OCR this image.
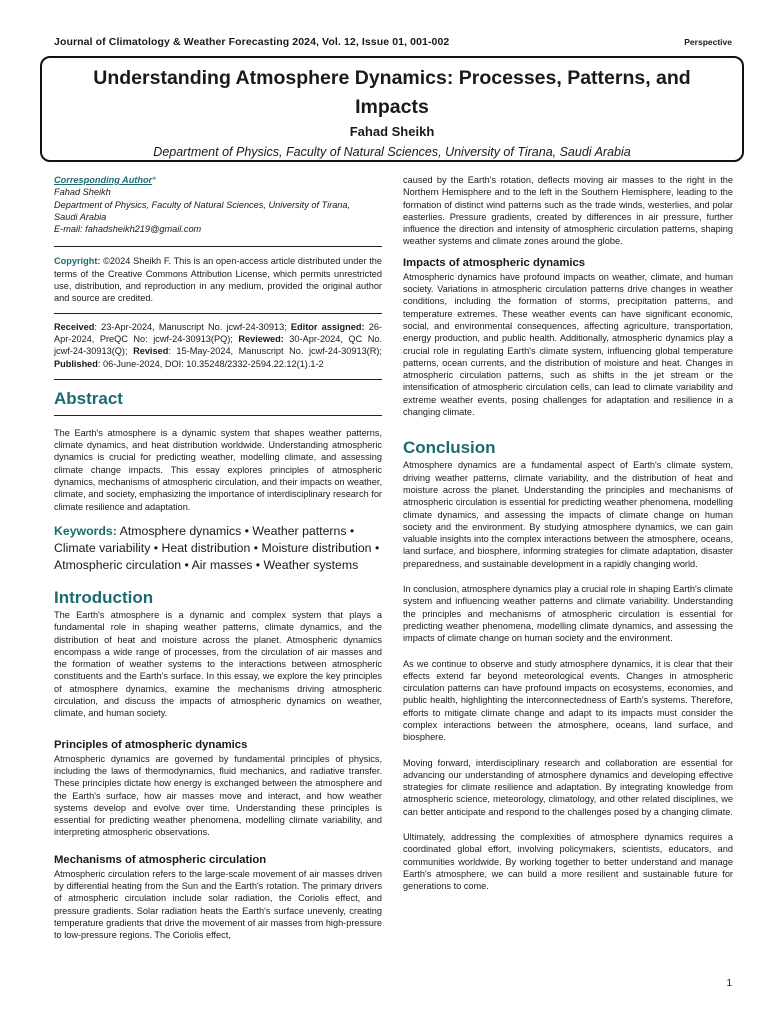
Journal of Climatology & Weather Forecasting 2024, Vol. 12, Issue 01, 001-002	Perspective
Understanding Atmosphere Dynamics: Processes, Patterns, and Impacts
Fahad Sheikh
Department of Physics, Faculty of Natural Sciences, University of Tirana, Saudi Arabia

Corresponding Author*

Fahad Sheikh

Department of Physics, Faculty of Natural Sciences, University of Tirana,

Saudi Arabia

E-mail: fahadsheikh219@gmail.com

Copyright: ©2024 Sheikh F. This is an open-access article distributed under the terms of the Creative Commons Attribution License, which permits unrestricted use, distribution, and reproduction in any medium, provided the original author and source are credited.

Received: 23-Apr-2024, Manuscript No. jcwf-24-30913; Editor assigned: 26-Apr-2024, PreQC No: jcwf-24-30913(PQ); Reviewed: 30-Apr-2024, QC No. jcwf-24-30913(Q); Revised: 15-May-2024, Manuscript No. jcwf-24-30913(R); Published: 06-June-2024, DOI: 10.35248/2332-2594.22.12(1).1-2

Abstract

The Earth's atmosphere is a dynamic system that shapes weather patterns, climate dynamics, and heat distribution worldwide. Understanding atmospheric dynamics is crucial for predicting weather, modelling climate, and assessing climate change impacts. This essay explores principles of atmospheric dynamics, mechanisms of atmospheric circulation, and their impacts on weather, climate, and society, emphasizing the importance of interdisciplinary research for climate resilience and adaptation.

Keywords: Atmosphere dynamics • Weather patterns • Climate variability • Heat distribution • Moisture distribution • Atmospheric circulation • Air masses • Weather systems

Introduction

The Earth's atmosphere is a dynamic and complex system that plays a fundamental role in shaping weather patterns, climate dynamics, and the distribution of heat and moisture across the planet. Atmospheric dynamics encompass a wide range of processes, from the circulation of air masses and the formation of weather systems to the interactions between atmospheric constituents and the Earth's surface. In this essay, we explore the key principles of atmosphere dynamics, examine the mechanisms driving atmospheric circulation, and discuss the impacts of atmospheric dynamics on weather, climate, and human society.

Principles of atmospheric dynamics

Atmospheric dynamics are governed by fundamental principles of physics, including the laws of thermodynamics, fluid mechanics, and radiative transfer. These principles dictate how energy is exchanged between the atmosphere and the Earth's surface, how air masses move and interact, and how weather systems develop and evolve over time. Understanding these principles is essential for predicting weather phenomena, modelling climate variability, and interpreting atmospheric observations.

Mechanisms of atmospheric circulation

Atmospheric circulation refers to the large-scale movement of air masses driven by differential heating from the Sun and the Earth's rotation. The primary drivers of atmospheric circulation include solar radiation, the Coriolis effect, and pressure gradients. Solar radiation heats the Earth's surface unevenly, creating temperature gradients that drive the movement of air masses from high-pressure to low-pressure regions. The Coriolis effect,

caused by the Earth's rotation, deflects moving air masses to the right in the Northern Hemisphere and to the left in the Southern Hemisphere, leading to the formation of distinct wind patterns such as the trade winds, westerlies, and polar easterlies. Pressure gradients, created by differences in air pressure, further influence the direction and intensity of atmospheric circulation patterns, shaping weather systems and climate zones around the globe.

Impacts of atmospheric dynamics

Atmospheric dynamics have profound impacts on weather, climate, and human society. Variations in atmospheric circulation patterns drive changes in weather conditions, including the formation of storms, precipitation patterns, and temperature extremes. These weather events can have significant economic, social, and environmental consequences, affecting agriculture, transportation, energy production, and public health. Additionally, atmospheric dynamics play a crucial role in regulating Earth's climate system, influencing global temperature patterns, ocean currents, and the distribution of moisture and heat. Changes in atmospheric circulation patterns, such as shifts in the jet stream or the intensification of atmospheric circulation cells, can lead to climate variability and extreme weather events, posing challenges for adaptation and resilience in a changing climate.

Conclusion

Atmosphere dynamics are a fundamental aspect of Earth's climate system, driving weather patterns, climate variability, and the distribution of heat and moisture across the planet. Understanding the principles and mechanisms of atmospheric circulation is essential for predicting weather phenomena, modelling climate dynamics, and assessing the impacts of climate change on human society and the environment. By studying atmosphere dynamics, we can gain valuable insights into the complex interactions between the atmosphere, oceans, land surface, and biosphere, informing strategies for climate adaptation, disaster preparedness, and sustainable development in a rapidly changing world.

In conclusion, atmosphere dynamics play a crucial role in shaping Earth's climate system and influencing weather patterns and climate variability. Understanding the principles and mechanisms of atmospheric circulation is essential for predicting weather phenomena, modelling climate dynamics, and assessing the impacts of climate change on human society and the environment.

As we continue to observe and study atmosphere dynamics, it is clear that their effects extend far beyond meteorological events. Changes in atmospheric circulation patterns can have profound impacts on ecosystems, economies, and public health, highlighting the interconnectedness of Earth's systems. Therefore, efforts to mitigate climate change and adapt to its impacts must consider the complex interactions between the atmosphere, oceans, land surface, and biosphere.

Moving forward, interdisciplinary research and collaboration are essential for advancing our understanding of atmosphere dynamics and developing effective strategies for climate resilience and adaptation. By integrating knowledge from atmospheric science, meteorology, climatology, and other related disciplines, we can better anticipate and respond to the challenges posed by a changing climate.

Ultimately, addressing the complexities of atmosphere dynamics requires a coordinated global effort, involving policymakers, scientists, educators, and communities worldwide. By working together to better understand and manage Earth's atmosphere, we can build a more resilient and sustainable future for generations to come.

1
